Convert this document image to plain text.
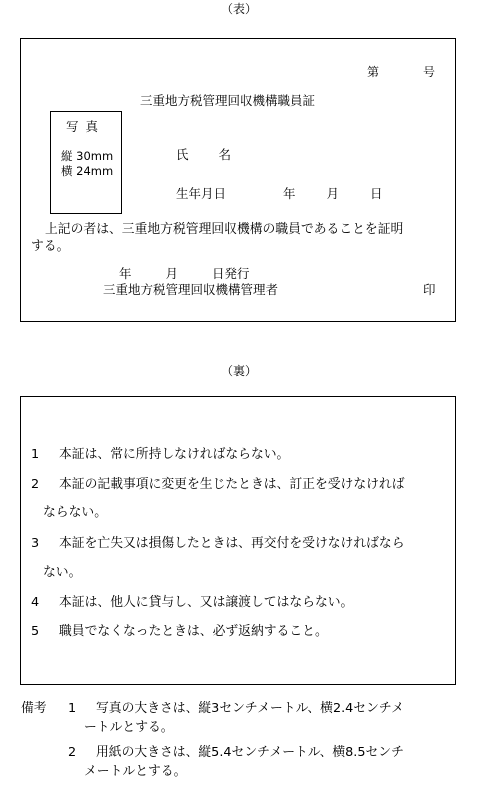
（表）
第	号
三重地方税管理回収機構職員証
写真
縦 30mm
横 24mm
氏名
生年月日	年 月 日
上記の者は、三重地方税管理回収機構の職員であることを証明
する。
年	月	日発行
三重地方税管理回収機構管理者	印
（裏）
1 本証は、常に所持しなければならない。
2 本証の記載事項に変更を生じたときは、訂正を受けなければ
ならない。
3 本証を亡失又は損傷したときは、再交付を受けなければなら
ない。
4 本証は、他人に貸与し、又は譲渡してはならない。
5 職員でなくなったときは、必ず返納すること。
備考 1 写真の大きさは、縦3センチメートル、横2.4センチメ
ートルとする。
2 用紙の大きさは、縦5.4センチメートル、横8.5センチ
メートルとする。
